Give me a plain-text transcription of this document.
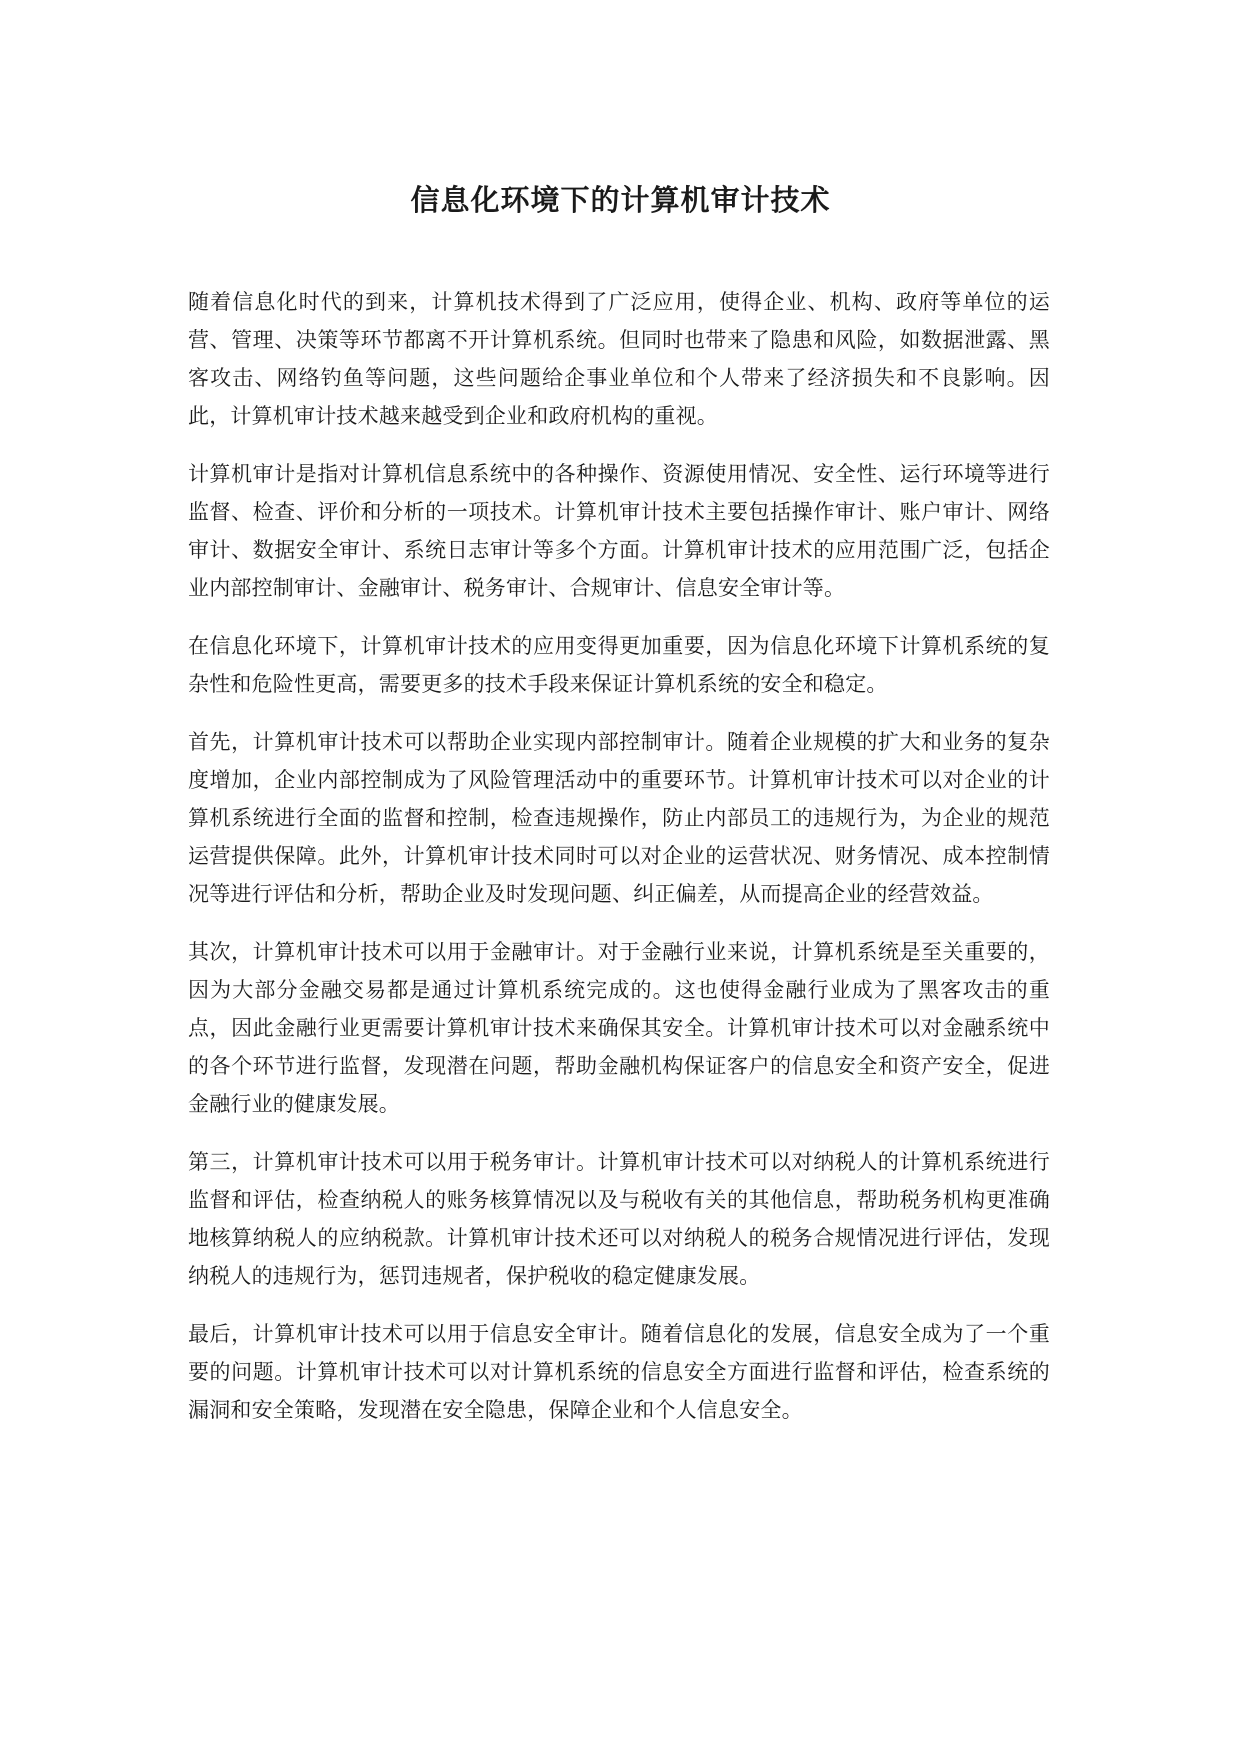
信息化环境下的计算机审计技术

随着信息化时代的到来，计算机技术得到了广泛应用，使得企业、机构、政府等单位的运营、管理、决策等环节都离不开计算机系统。但同时也带来了隐患和风险，如数据泄露、黑客攻击、网络钓鱼等问题，这些问题给企事业单位和个人带来了经济损失和不良影响。因此，计算机审计技术越来越受到企业和政府机构的重视。

计算机审计是指对计算机信息系统中的各种操作、资源使用情况、安全性、运行环境等进行监督、检查、评价和分析的一项技术。计算机审计技术主要包括操作审计、账户审计、网络审计、数据安全审计、系统日志审计等多个方面。计算机审计技术的应用范围广泛，包括企业内部控制审计、金融审计、税务审计、合规审计、信息安全审计等。

在信息化环境下，计算机审计技术的应用变得更加重要，因为信息化环境下计算机系统的复杂性和危险性更高，需要更多的技术手段来保证计算机系统的安全和稳定。

首先，计算机审计技术可以帮助企业实现内部控制审计。随着企业规模的扩大和业务的复杂度增加，企业内部控制成为了风险管理活动中的重要环节。计算机审计技术可以对企业的计算机系统进行全面的监督和控制，检查违规操作，防止内部员工的违规行为，为企业的规范运营提供保障。此外，计算机审计技术同时可以对企业的运营状况、财务情况、成本控制情况等进行评估和分析，帮助企业及时发现问题、纠正偏差，从而提高企业的经营效益。

其次，计算机审计技术可以用于金融审计。对于金融行业来说，计算机系统是至关重要的，因为大部分金融交易都是通过计算机系统完成的。这也使得金融行业成为了黑客攻击的重点，因此金融行业更需要计算机审计技术来确保其安全。计算机审计技术可以对金融系统中的各个环节进行监督，发现潜在问题，帮助金融机构保证客户的信息安全和资产安全，促进金融行业的健康发展。

第三，计算机审计技术可以用于税务审计。计算机审计技术可以对纳税人的计算机系统进行监督和评估，检查纳税人的账务核算情况以及与税收有关的其他信息，帮助税务机构更准确地核算纳税人的应纳税款。计算机审计技术还可以对纳税人的税务合规情况进行评估，发现纳税人的违规行为，惩罚违规者，保护税收的稳定健康发展。

最后，计算机审计技术可以用于信息安全审计。随着信息化的发展，信息安全成为了一个重要的问题。计算机审计技术可以对计算机系统的信息安全方面进行监督和评估，检查系统的漏洞和安全策略，发现潜在安全隐患，保障企业和个人信息安全。
